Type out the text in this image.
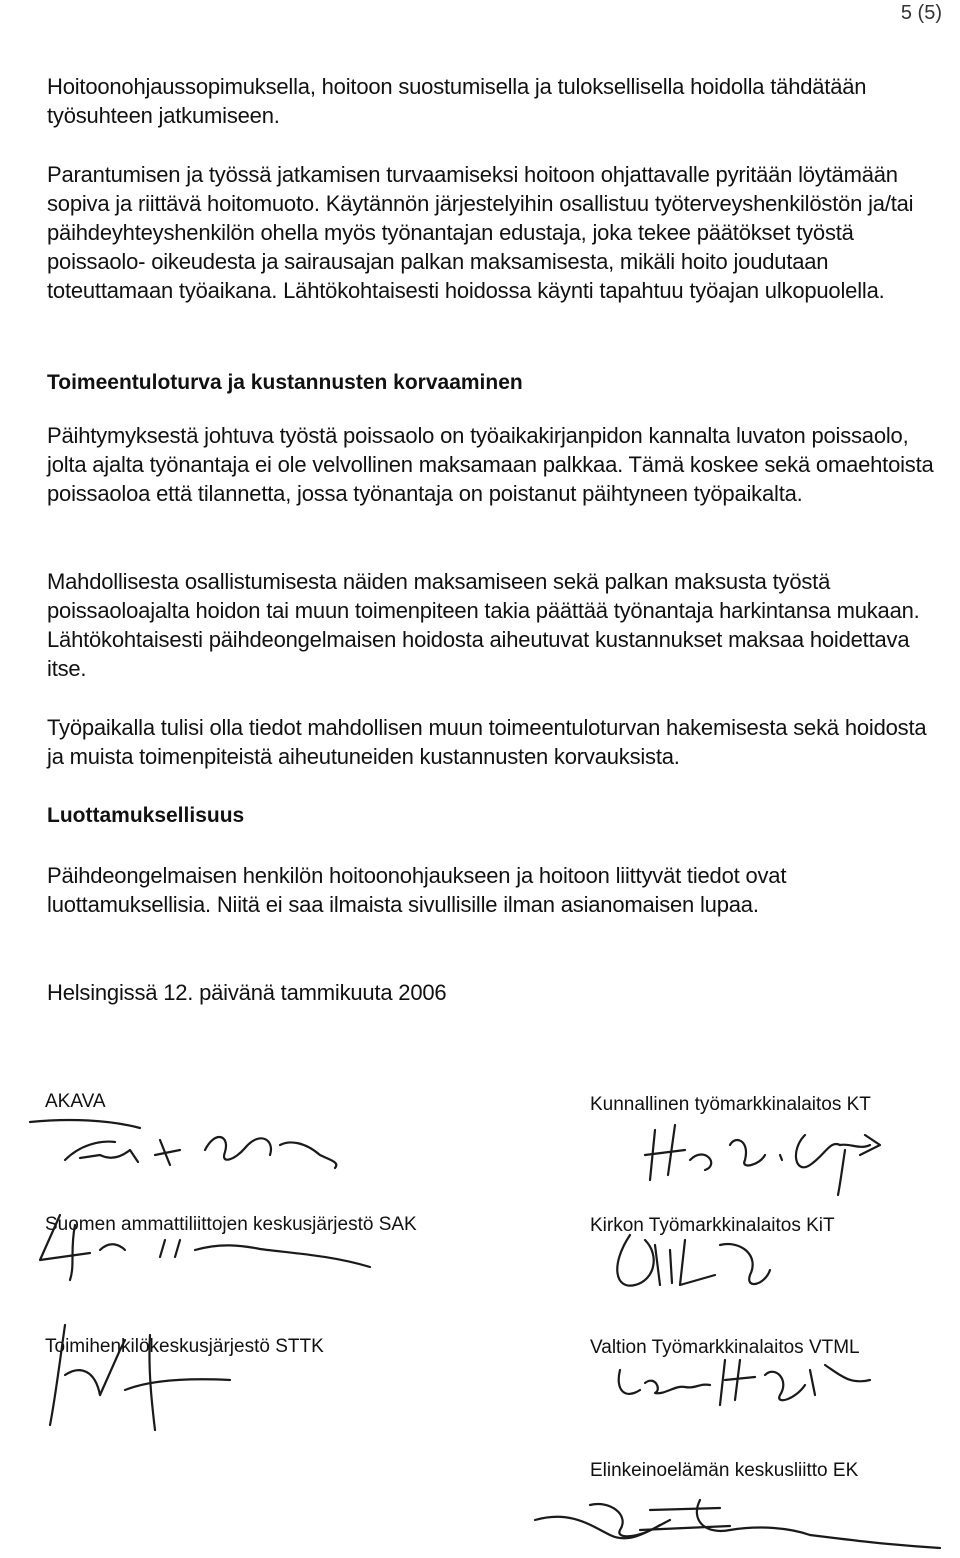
5 (5)

Hoitoonohjaussopimuksella, hoitoon suostumisella ja tuloksellisella hoidolla tähdätään työsuhteen jatkumiseen.

Parantumisen ja työssä jatkamisen turvaamiseksi hoitoon ohjattavalle pyritään löytämään sopiva ja riittävä hoitomuoto. Käytännön järjestelyihin osallistuu työterveyshenkilöstön ja/tai päihdeyhteyshenkilön ohella myös työnantajan edustaja, joka tekee päätökset työstä poissaolo- oikeudesta ja sairausajan palkan maksamisesta, mikäli hoito joudutaan toteuttamaan työaikana. Lähtökohtaisesti hoidossa käynti tapahtuu työajan ulkopuolella.

Toimeentuloturva ja kustannusten korvaaminen

Päihtymyksestä johtuva työstä poissaolo on työaikakirjanpidon kannalta luvaton poissaolo, jolta ajalta työnantaja ei ole velvollinen maksamaan palkkaa. Tämä koskee sekä omaehtoista poissaoloa että tilannetta, jossa työnantaja on poistanut päihtyneen työpaikalta.

Mahdollisesta osallistumisesta näiden maksamiseen sekä palkan maksusta työstä poissaoloajalta hoidon tai muun toimenpiteen takia päättää työnantaja harkintansa mukaan. Lähtökohtaisesti päihdeongelmaisen hoidosta aiheutuvat kustannukset maksaa hoidettava itse.

Työpaikalla tulisi olla tiedot mahdollisen muun toimeentuloturvan hakemisesta sekä hoidosta ja muista toimenpiteistä aiheutuneiden kustannusten korvauksista.

Luottamuksellisuus

Päihdeongelmaisen henkilön hoitoonohjaukseen ja hoitoon liittyvät tiedot ovat luottamuksellisia. Niitä ei saa ilmaista sivullisille ilman asianomaisen lupaa.

Helsingissä 12. päivänä tammikuuta 2006

AKAVA
Suomen ammattiliittojen keskusjärjestö SAK
Toimihenkilökeskusjärjestö STTK
Kunnallinen työmarkkinalaitos KT
Kirkon Työmarkkinalaitos KiT
Valtion Työmarkkinalaitos VTML
Elinkeinoelämän keskusliitto EK
